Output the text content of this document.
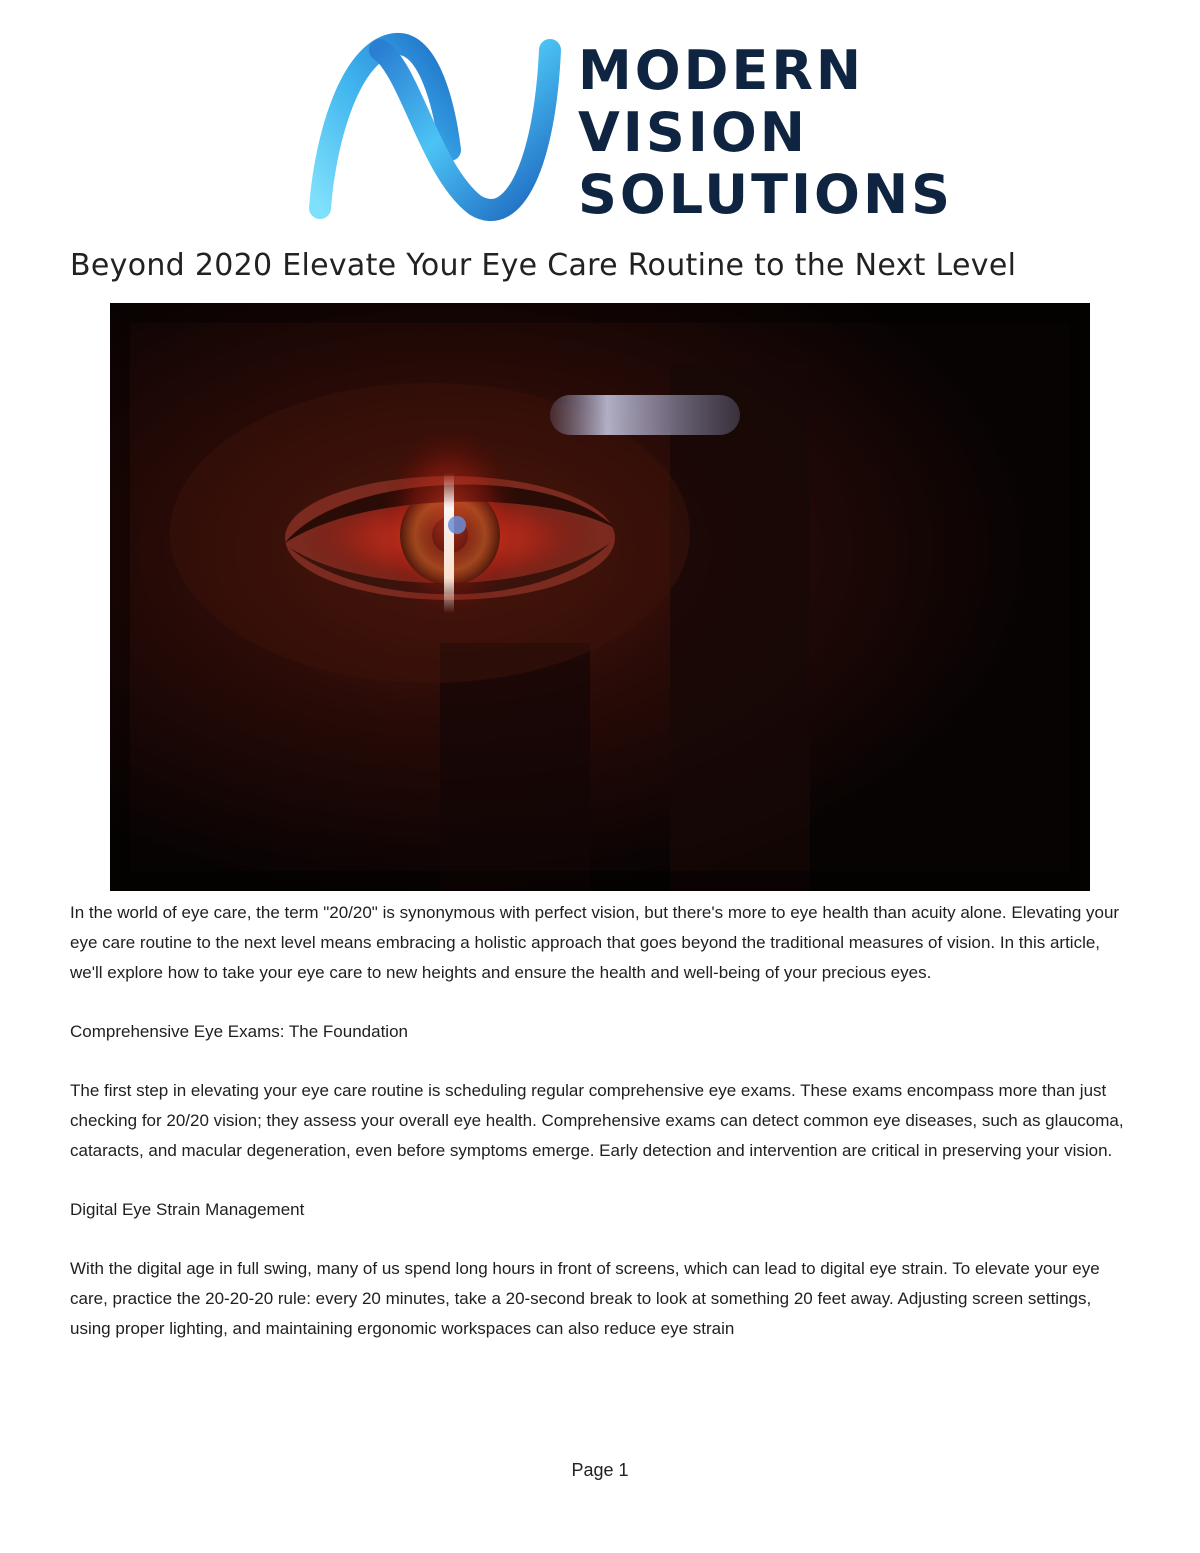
MODERN
VISION
SOLUTIONS
Beyond 2020 Elevate Your Eye Care Routine to the Next Level

In the world of eye care, the term "20/20" is synonymous with perfect vision, but there's more to eye health than acuity alone. Elevating your eye care routine to the next level means embracing a holistic approach that goes beyond the traditional measures of vision. In this article, we'll explore how to take your eye care to new heights and ensure the health and well-being of your precious eyes.

Comprehensive Eye Exams: The Foundation

The first step in elevating your eye care routine is scheduling regular comprehensive eye exams. These exams encompass more than just checking for 20/20 vision; they assess your overall eye health. Comprehensive exams can detect common eye diseases, such as glaucoma, cataracts, and macular degeneration, even before symptoms emerge. Early detection and intervention are critical in preserving your vision.

Digital Eye Strain Management

With the digital age in full swing, many of us spend long hours in front of screens, which can lead to digital eye strain. To elevate your eye care, practice the 20-20-20 rule: every 20 minutes, take a 20-second break to look at something 20 feet away. Adjusting screen settings, using proper lighting, and maintaining ergonomic workspaces can also reduce eye strain

Page 1
